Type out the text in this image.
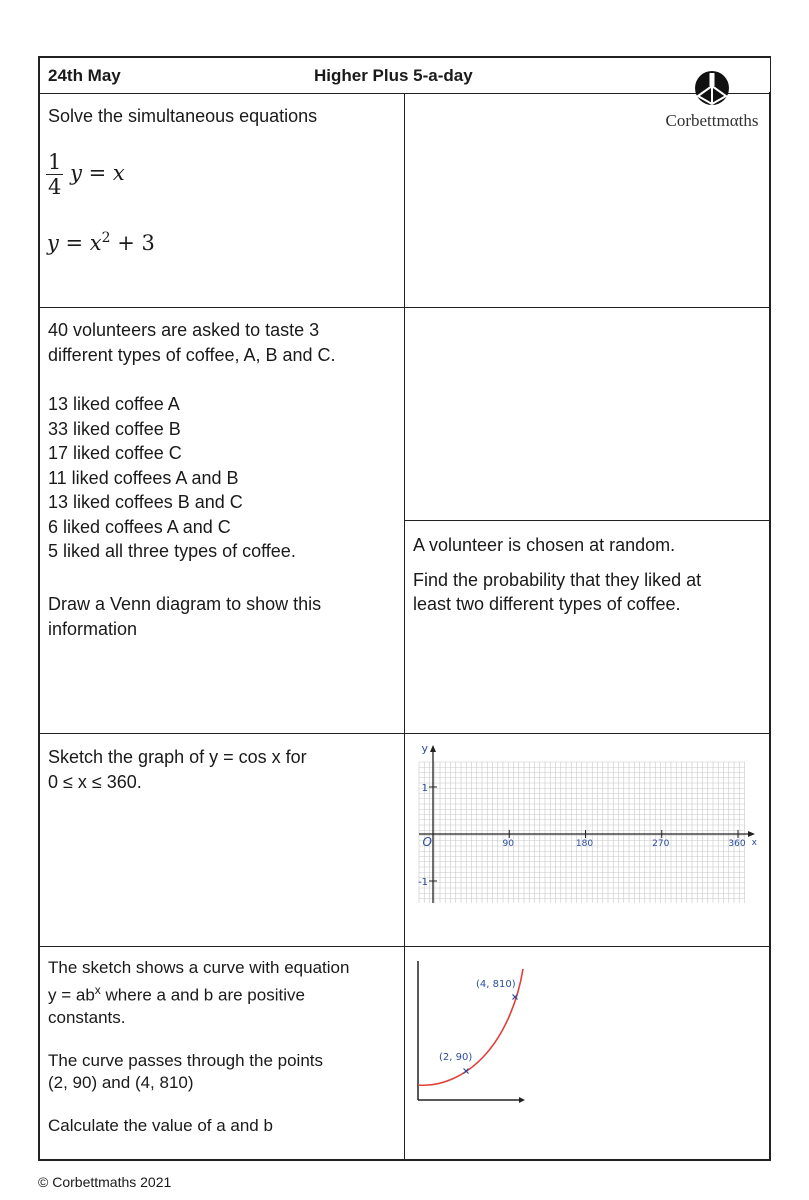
24th May	Higher Plus 5-a-day
Corbettmαths
Solve the simultaneous equations
$\frac{1}{4}$ y = x
$y = x^2 + 3$
40 volunteers are asked to taste 3
different types of coffee, A, B and C.
13 liked coffee A
33 liked coffee B
17 liked coffee C
11 liked coffees A and B
13 liked coffees B and C
6 liked coffees A and C
5 liked all three types of coffee.
Draw a Venn diagram to show this
information
A volunteer is chosen at random.
Find the probability that they liked at
least two different types of coffee.
Sketch the graph of y = cos x for
0 ≤ x ≤ 360.
y
x
O
1
-1
90	180	270	360
The sketch shows a curve with equation
$y = ab^x$ where a and b are positive
constants.
The curve passes through the points
(2, 90) and (4, 810)
Calculate the value of a and b
(2, 90)
(4, 810)
© Corbettmaths 2021
